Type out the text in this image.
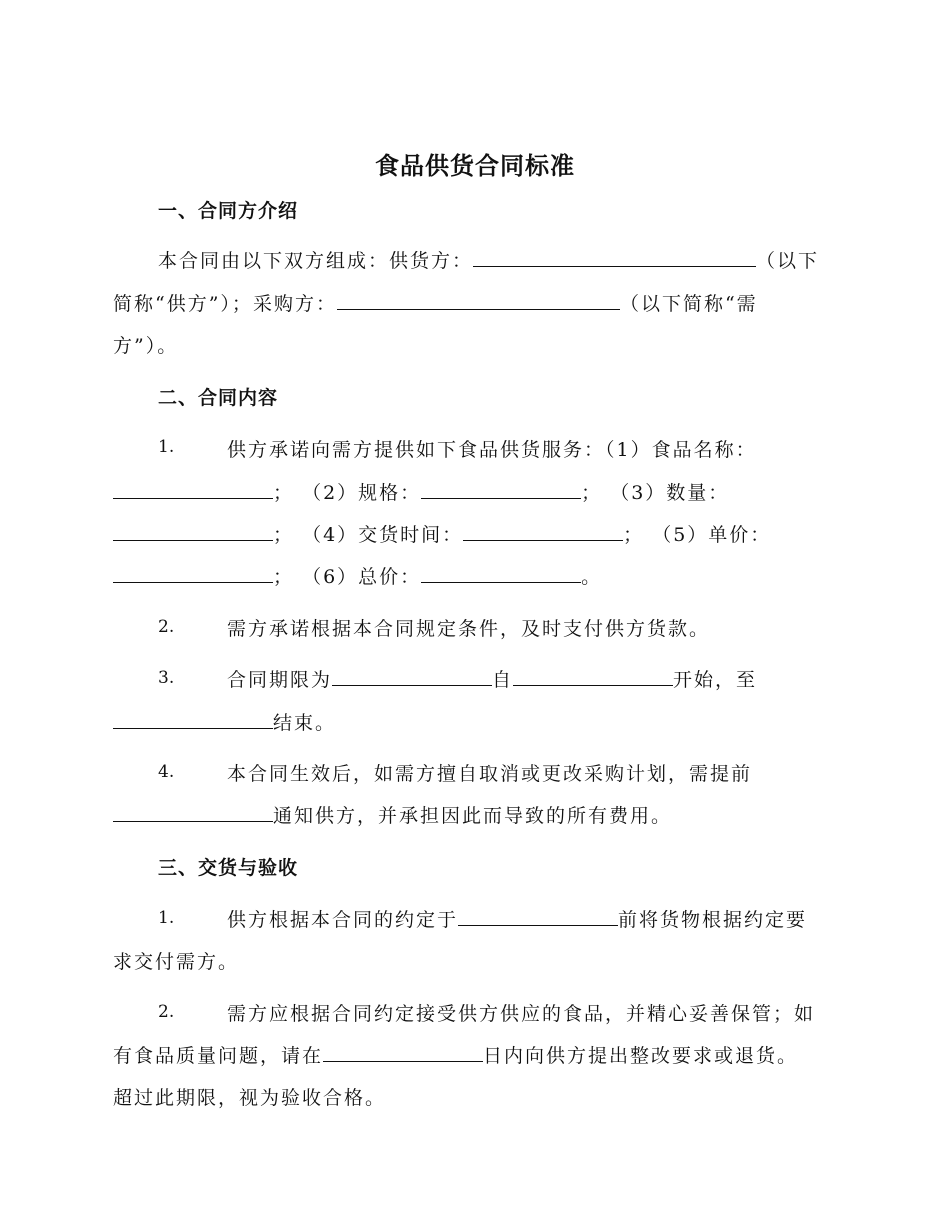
食品供货合同标准
一、合同方介绍
本合同由以下双方组成：供货方：	（以下
简称“供方”）；采购方：	（以下简称“需
方”）。
二、合同内容
1.	供方承诺向需方提供如下食品供货服务：（1）食品名称：
； （2）规格：	； （3）数量：
； （4）交货时间：	； （5）单价：
； （6）总价：	。
2.	需方承诺根据本合同规定条件，及时支付供方货款。
3.	合同期限为	自	开始，至
结束。
4.	本合同生效后，如需方擅自取消或更改采购计划，需提前
通知供方，并承担因此而导致的所有费用。
三、交货与验收
1.	供方根据本合同的约定于	前将货物根据约定要
求交付需方。
2.	需方应根据合同约定接受供方供应的食品，并精心妥善保管；如
有食品质量问题，请在	日内向供方提出整改要求或退货。
超过此期限，视为验收合格。
